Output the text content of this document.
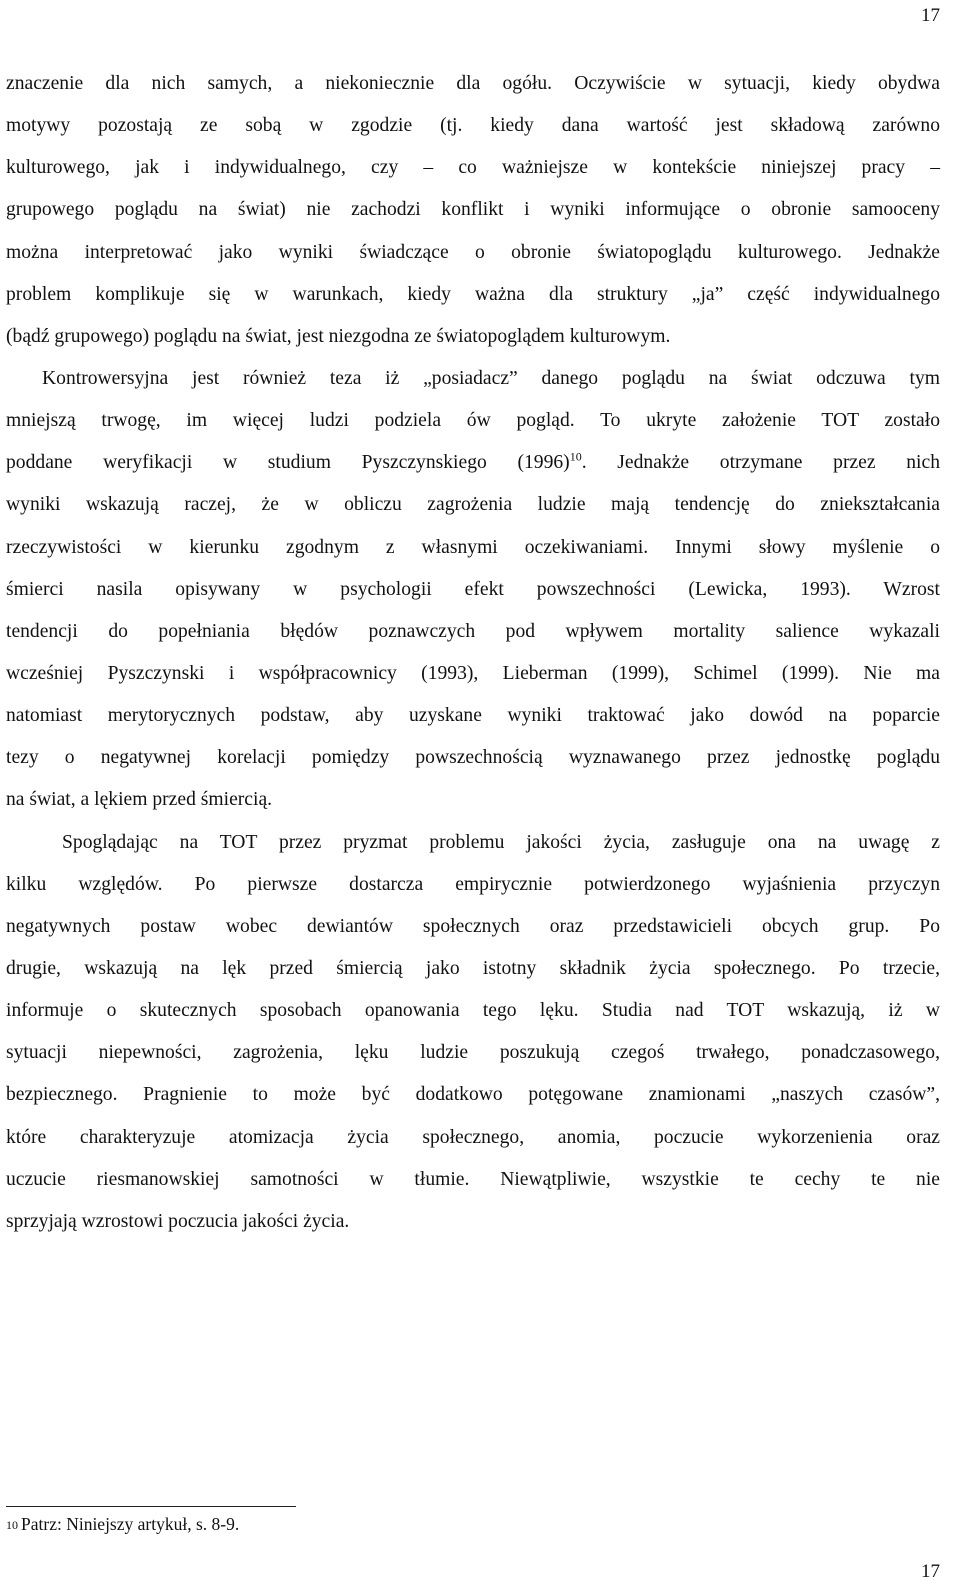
17
znaczenie dla nich samych, a niekoniecznie dla ogółu. Oczywiście w sytuacji, kiedy obydwa
motywy pozostają ze sobą w zgodzie (tj. kiedy dana wartość jest składową zarówno
kulturowego, jak i indywidualnego, czy – co ważniejsze w kontekście niniejszej pracy –
grupowego poglądu na świat) nie zachodzi konflikt i wyniki informujące o obronie samooceny
można interpretować jako wyniki świadczące o obronie światopoglądu kulturowego. Jednakże
problem komplikuje się w warunkach, kiedy ważna dla struktury „ja” część indywidualnego
(bądź grupowego) poglądu na świat, jest niezgodna ze światopoglądem kulturowym.
Kontrowersyjna jest również teza iż „posiadacz” danego poglądu na świat odczuwa tym
mniejszą trwogę, im więcej ludzi podziela ów pogląd. To ukryte założenie TOT zostało
poddane weryfikacji w studium Pyszczynskiego $(1996)^{10}$. Jednakże otrzymane przez nich
wyniki wskazują raczej, że w obliczu zagrożenia ludzie mają tendencję do zniekształcania
rzeczywistości w kierunku zgodnym z własnymi oczekiwaniami. Innymi słowy myślenie o
śmierci nasila opisywany w psychologii efekt powszechności (Lewicka, 1993). Wzrost
tendencji do popełniania błędów poznawczych pod wpływem mortality salience wykazali
wcześniej Pyszczynski i współpracownicy (1993), Lieberman (1999), Schimel (1999). Nie ma
natomiast merytorycznych podstaw, aby uzyskane wyniki traktować jako dowód na poparcie
tezy o negatywnej korelacji pomiędzy powszechnością wyznawanego przez jednostkę poglądu
na świat, a lękiem przed śmiercią.
Spoglądając na TOT przez pryzmat problemu jakości życia, zasługuje ona na uwagę z
kilku względów. Po pierwsze dostarcza empirycznie potwierdzonego wyjaśnienia przyczyn
negatywnych postaw wobec dewiantów społecznych oraz przedstawicieli obcych grup. Po
drugie, wskazują na lęk przed śmiercią jako istotny składnik życia społecznego. Po trzecie,
informuje o skutecznych sposobach opanowania tego lęku. Studia nad TOT wskazują, iż w
sytuacji niepewności, zagrożenia, lęku ludzie poszukują czegoś trwałego, ponadczasowego,
bezpiecznego. Pragnienie to może być dodatkowo potęgowane znamionami „naszych czasów”,
które charakteryzuje atomizacja życia społecznego, anomia, poczucie wykorzenienia oraz
uczucie riesmanowskiej samotności w tłumie. Niewątpliwie, wszystkie te cechy te nie
sprzyjają wzrostowi poczucia jakości życia.
$^{10}$ Patrz: Niniejszy artykuł, s. 8-9.
17
